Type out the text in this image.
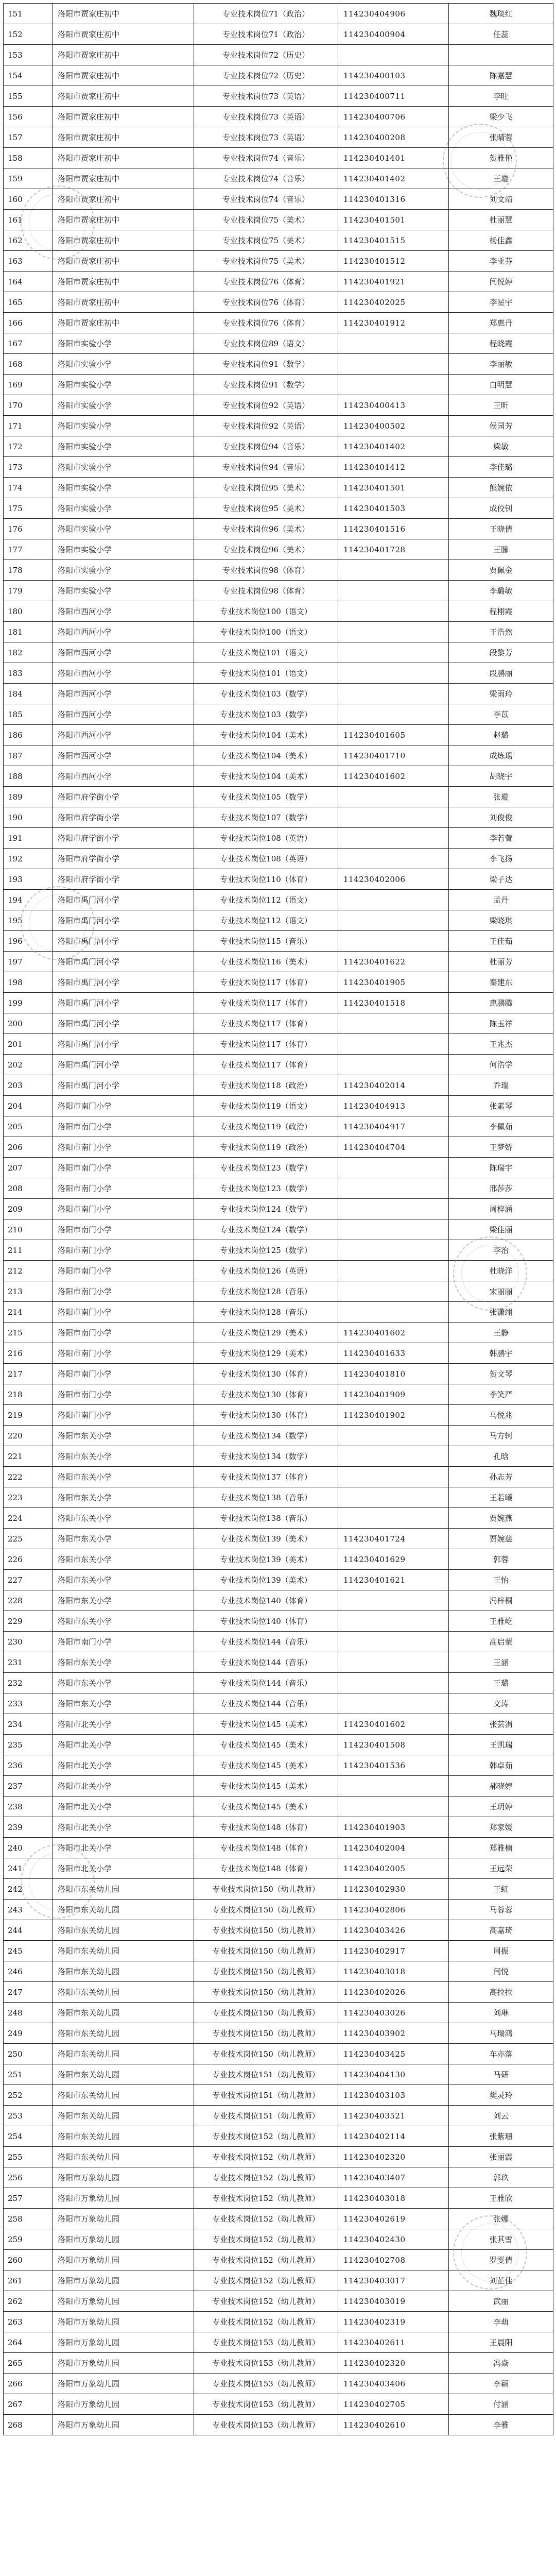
151	洛阳市贾家庄初中	专业技术岗位71（政治）	114230404906	魏琰红
152	洛阳市贾家庄初中	专业技术岗位71（政治）	114230400904	任蕊
153	洛阳市贾家庄初中	专业技术岗位72（历史）		
154	洛阳市贾家庄初中	专业技术岗位72（历史）	114230400103	陈嘉慧
155	洛阳市贾家庄初中	专业技术岗位73（英语）	114230400711	李旺
156	洛阳市贾家庄初中	专业技术岗位73（英语）	114230400706	梁少飞
157	洛阳市贾家庄初中	专业技术岗位73（英语）	114230400208	张晴蓉
158	洛阳市贾家庄初中	专业技术岗位74（音乐）	114230401401	贺雅艳
159	洛阳市贾家庄初中	专业技术岗位74（音乐）	114230401402	王璇
160	洛阳市贾家庄初中	专业技术岗位74（音乐）	114230401316	刘文靖
161	洛阳市贾家庄初中	专业技术岗位75（美术）	114230401501	杜丽慧
162	洛阳市贾家庄初中	专业技术岗位75（美术）	114230401515	杨佳鑫
163	洛阳市贾家庄初中	专业技术岗位75（美术）	114230401512	李亚芬
164	洛阳市贾家庄初中	专业技术岗位76（体育）	114230401921	闫悦婷
165	洛阳市贾家庄初中	专业技术岗位76（体育）	114230402025	李星宇
166	洛阳市贾家庄初中	专业技术岗位76（体育）	114230401912	郑惠丹
167	洛阳市实验小学	专业技术岗位89（语文）		程晓霞
168	洛阳市实验小学	专业技术岗位91（数学）		李丽敏
169	洛阳市实验小学	专业技术岗位91（数学）		白明慧
170	洛阳市实验小学	专业技术岗位92（英语）	114230400413	王昕
171	洛阳市实验小学	专业技术岗位92（英语）	114230400502	侯园芳
172	洛阳市实验小学	专业技术岗位94（音乐）	114230401402	梁敏
173	洛阳市实验小学	专业技术岗位94（音乐）	114230401412	李佳璐
174	洛阳市实验小学	专业技术岗位95（美术）	114230401501	熊婉依
175	洛阳市实验小学	专业技术岗位95（美术）	114230401503	成佼钊
176	洛阳市实验小学	专业技术岗位96（美术）	114230401516	王晓倩
177	洛阳市实验小学	专业技术岗位96（美术）	114230401728	王朦
178	洛阳市实验小学	专业技术岗位98（体育）		贾佩金
179	洛阳市实验小学	专业技术岗位98（体育）		李璐敏
180	洛阳市西河小学	专业技术岗位100（语文）		程栩霞
181	洛阳市西河小学	专业技术岗位100（语文）		王浩然
182	洛阳市西河小学	专业技术岗位101（语文）		段黎芳
183	洛阳市西河小学	专业技术岗位101（语文）		段鹏丽
184	洛阳市西河小学	专业技术岗位103（数学）		梁雨玲
185	洛阳市西河小学	专业技术岗位103（数学）		李苡
186	洛阳市西河小学	专业技术岗位104（美术）	114230401605	赵璐
187	洛阳市西河小学	专业技术岗位104（美术）	114230401710	成炼瑶
188	洛阳市西河小学	专业技术岗位104（美术）	114230401602	胡晓宇
189	洛阳市府学街小学	专业技术岗位105（数学）		张璇
190	洛阳市府学街小学	专业技术岗位107（数学）		刘俊俊
191	洛阳市府学街小学	专业技术岗位108（英语）		李若萱
192	洛阳市府学街小学	专业技术岗位108（英语）		李飞扬
193	洛阳市府学街小学	专业技术岗位110（体育）	114230402006	梁子达
194	洛阳市禹门河小学	专业技术岗位112（语文）		孟丹
195	洛阳市禹门河小学	专业技术岗位112（语文）		梁晓琪
196	洛阳市禹门河小学	专业技术岗位115（音乐）		王佳茹
197	洛阳市禹门河小学	专业技术岗位116（美术）	114230401622	杜丽芳
198	洛阳市禹门河小学	专业技术岗位117（体育）	114230401905	秦建东
199	洛阳市禹门河小学	专业技术岗位117（体育）	114230401518	惠鹏腾
200	洛阳市禹门河小学	专业技术岗位117（体育）		陈玉祥
201	洛阳市禹门河小学	专业技术岗位117（体育）		王兆杰
202	洛阳市禹门河小学	专业技术岗位117（体育）		何浩学
203	洛阳市禹门河小学	专业技术岗位118（政治）	114230402014	乔瑞
204	洛阳市南门小学	专业技术岗位119（语文）	114230404913	张素琴
205	洛阳市南门小学	专业技术岗位119（政治）	114230404917	李佩茹
206	洛阳市南门小学	专业技术岗位119（政治）	114230404704	王梦娇
207	洛阳市南门小学	专业技术岗位123（数学）		陈瑞宇
208	洛阳市南门小学	专业技术岗位123（数学）		邢莎莎
209	洛阳市南门小学	专业技术岗位124（数学）		周梓涵
210	洛阳市南门小学	专业技术岗位124（数学）		梁佳丽
211	洛阳市南门小学	专业技术岗位125（数学）		李治
212	洛阳市南门小学	专业技术岗位126（英语）		杜晓洋
213	洛阳市南门小学	专业技术岗位128（音乐）		宋丽丽
214	洛阳市南门小学	专业技术岗位128（音乐）		张潇翊
215	洛阳市南门小学	专业技术岗位129（美术）	114230401602	王静
216	洛阳市南门小学	专业技术岗位129（美术）	114230401633	韩鹏宇
217	洛阳市南门小学	专业技术岗位130（体育）	114230401810	贺文琴
218	洛阳市南门小学	专业技术岗位130（体育）	114230401909	李笑严
219	洛阳市南门小学	专业技术岗位130（体育）	114230401902	马悦兆
220	洛阳市东关小学	专业技术岗位134（数学）		马方轲
221	洛阳市东关小学	专业技术岗位134（数学）		孔晗
222	洛阳市东关小学	专业技术岗位137（体育）		孙志芳
223	洛阳市东关小学	专业技术岗位138（音乐）		王若曦
224	洛阳市东关小学	专业技术岗位138（音乐）		贾婉燕
225	洛阳市东关小学	专业技术岗位139（美术）	114230401724	贾婉慈
226	洛阳市东关小学	专业技术岗位139（美术）	114230401629	郭蓉
227	洛阳市东关小学	专业技术岗位139（美术）	114230401621	王怡
228	洛阳市东关小学	专业技术岗位140（体育）		冯梓桐
229	洛阳市东关小学	专业技术岗位140（体育）		王雅屹
230	洛阳市南门小学	专业技术岗位144（音乐）		高启蒙
231	洛阳市东关小学	专业技术岗位144（音乐）		王涵
232	洛阳市东关小学	专业技术岗位144（音乐）		王璐
233	洛阳市东关小学	专业技术岗位144（音乐）		文涛
234	洛阳市北关小学	专业技术岗位145（美术）	114230401602	张芸涓
235	洛阳市北关小学	专业技术岗位145（美术）	114230401508	王凯瑞
236	洛阳市北关小学	专业技术岗位145（美术）	114230401536	韩卓茹
237	洛阳市北关小学	专业技术岗位145（美术）		郝晓婷
238	洛阳市北关小学	专业技术岗位145（美术）		王玥婷
239	洛阳市北关小学	专业技术岗位148（体育）	114230401903	郑家媛
240	洛阳市北关小学	专业技术岗位148（体育）	114230402004	郑雅楠
241	洛阳市北关小学	专业技术岗位148（体育）	114230402005	王远荣
242	洛阳市东关幼儿园	专业技术岗位150（幼儿教师）	114230402930	王虹
243	洛阳市东关幼儿园	专业技术岗位150（幼儿教师）	114230402806	马蓉蓉
244	洛阳市东关幼儿园	专业技术岗位150（幼儿教师）	114230403426	高嘉琦
245	洛阳市东关幼儿园	专业技术岗位150（幼儿教师）	114230402917	周振
246	洛阳市东关幼儿园	专业技术岗位150（幼儿教师）	114230403018	闫悦
247	洛阳市东关幼儿园	专业技术岗位150（幼儿教师）	114230402026	高拉拉
248	洛阳市东关幼儿园	专业技术岗位150（幼儿教师）	114230403026	刘琳
249	洛阳市东关幼儿园	专业技术岗位150（幼儿教师）	114230403902	马瑞鸿
250	洛阳市东关幼儿园	专业技术岗位150（幼儿教师）	114230403425	车亦落
251	洛阳市东关幼儿园	专业技术岗位151（幼儿教师）	114230404130	马研
252	洛阳市东关幼儿园	专业技术岗位151（幼儿教师）	114230403103	樊灵玲
253	洛阳市东关幼儿园	专业技术岗位151（幼儿教师）	114230403521	刘云
254	洛阳市东关幼儿园	专业技术岗位152（幼儿教师）	114230402114	张紫珊
255	洛阳市东关幼儿园	专业技术岗位152（幼儿教师）	114230402320	张丽霞
256	洛阳市万象幼儿园	专业技术岗位152（幼儿教师）	114230403407	郭玖
257	洛阳市万象幼儿园	专业技术岗位152（幼儿教师）	114230403018	王雅欣
258	洛阳市万象幼儿园	专业技术岗位152（幼儿教师）	114230402619	张娜
259	洛阳市万象幼儿园	专业技术岗位152（幼儿教师）	114230402430	张其雪
260	洛阳市万象幼儿园	专业技术岗位152（幼儿教师）	114230402708	罗雯倩
261	洛阳市万象幼儿园	专业技术岗位152（幼儿教师）	114230403017	刘芷佳
262	洛阳市万象幼儿园	专业技术岗位152（幼儿教师）	114230403019	武丽
263	洛阳市万象幼儿园	专业技术岗位152（幼儿教师）	114230402319	李萌
264	洛阳市万象幼儿园	专业技术岗位153（幼儿教师）	114230402611	王晨阳
265	洛阳市万象幼儿园	专业技术岗位153（幼儿教师）	114230402320	冯焱
266	洛阳市万象幼儿园	专业技术岗位153（幼儿教师）	114230403406	李颖
267	洛阳市万象幼儿园	专业技术岗位153（幼儿教师）	114230402705	付涵
268	洛阳市万象幼儿园	专业技术岗位153（幼儿教师）	114230402610	李雅
